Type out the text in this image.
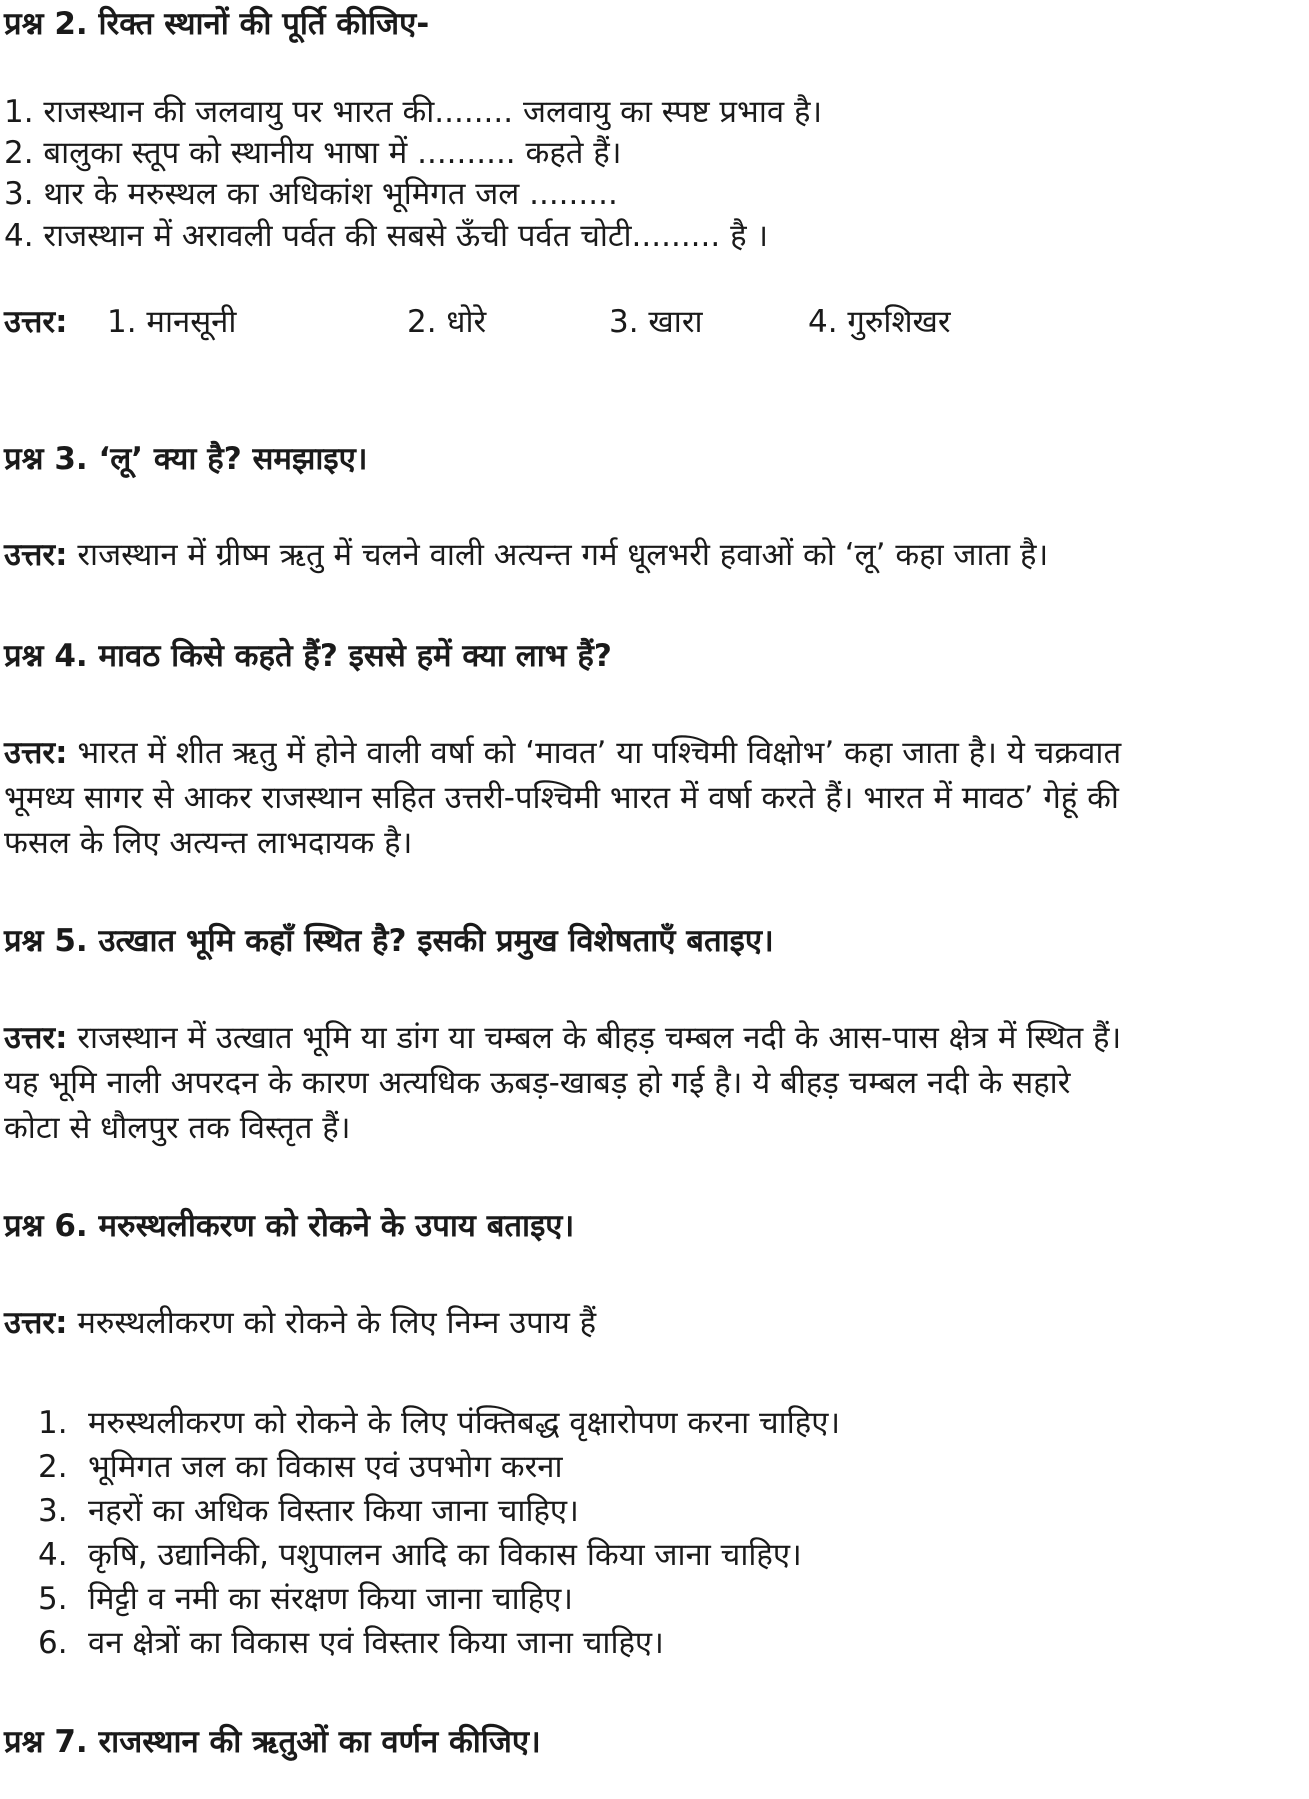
प्रश्न 2. रिक्त स्थानों की पूर्ति कीजिए-
1. राजस्थान की जलवायु पर भारत की........ जलवायु का स्पष्ट प्रभाव है।
2. बालुका स्तूप को स्थानीय भाषा में .......... कहते हैं।
3. थार के मरुस्थल का अधिकांश भूमिगत जल .........
4. राजस्थान में अरावली पर्वत की सबसे ऊँची पर्वत चोटी......... है ।
उत्तर: 1. मानसूनी	2. धोरे	3. खारा	4. गुरुशिखर
प्रश्न 3. ‘लू’ क्या है? समझाइए।
उत्तर: राजस्थान में ग्रीष्म ऋतु में चलने वाली अत्यन्त गर्म धूलभरी हवाओं को ‘लू’ कहा जाता है।
प्रश्न 4. मावठ किसे कहते हैं? इससे हमें क्या लाभ हैं?
उत्तर: भारत में शीत ऋतु में होने वाली वर्षा को ‘मावत’ या पश्चिमी विक्षोभ’ कहा जाता है। ये चक्रवात
भूमध्य सागर से आकर राजस्थान सहित उत्तरी-पश्चिमी भारत में वर्षा करते हैं। भारत में मावठ’ गेहूं की
फसल के लिए अत्यन्त लाभदायक है।
प्रश्न 5. उत्खात भूमि कहाँ स्थित है? इसकी प्रमुख विशेषताएँ बताइए।
उत्तर: राजस्थान में उत्खात भूमि या डांग या चम्बल के बीहड़ चम्बल नदी के आस-पास क्षेत्र में स्थित हैं।
यह भूमि नाली अपरदन के कारण अत्यधिक ऊबड़-खाबड़ हो गई है। ये बीहड़ चम्बल नदी के सहारे
कोटा से धौलपुर तक विस्तृत हैं।
प्रश्न 6. मरुस्थलीकरण को रोकने के उपाय बताइए।
उत्तर: मरुस्थलीकरण को रोकने के लिए निम्न उपाय हैं
1. मरुस्थलीकरण को रोकने के लिए पंक्तिबद्ध वृक्षारोपण करना चाहिए।
2. भूमिगत जल का विकास एवं उपभोग करना
3. नहरों का अधिक विस्तार किया जाना चाहिए।
4. कृषि, उद्यानिकी, पशुपालन आदि का विकास किया जाना चाहिए।
5. मिट्टी व नमी का संरक्षण किया जाना चाहिए।
6. वन क्षेत्रों का विकास एवं विस्तार किया जाना चाहिए।
प्रश्न 7. राजस्थान की ऋतुओं का वर्णन कीजिए।
